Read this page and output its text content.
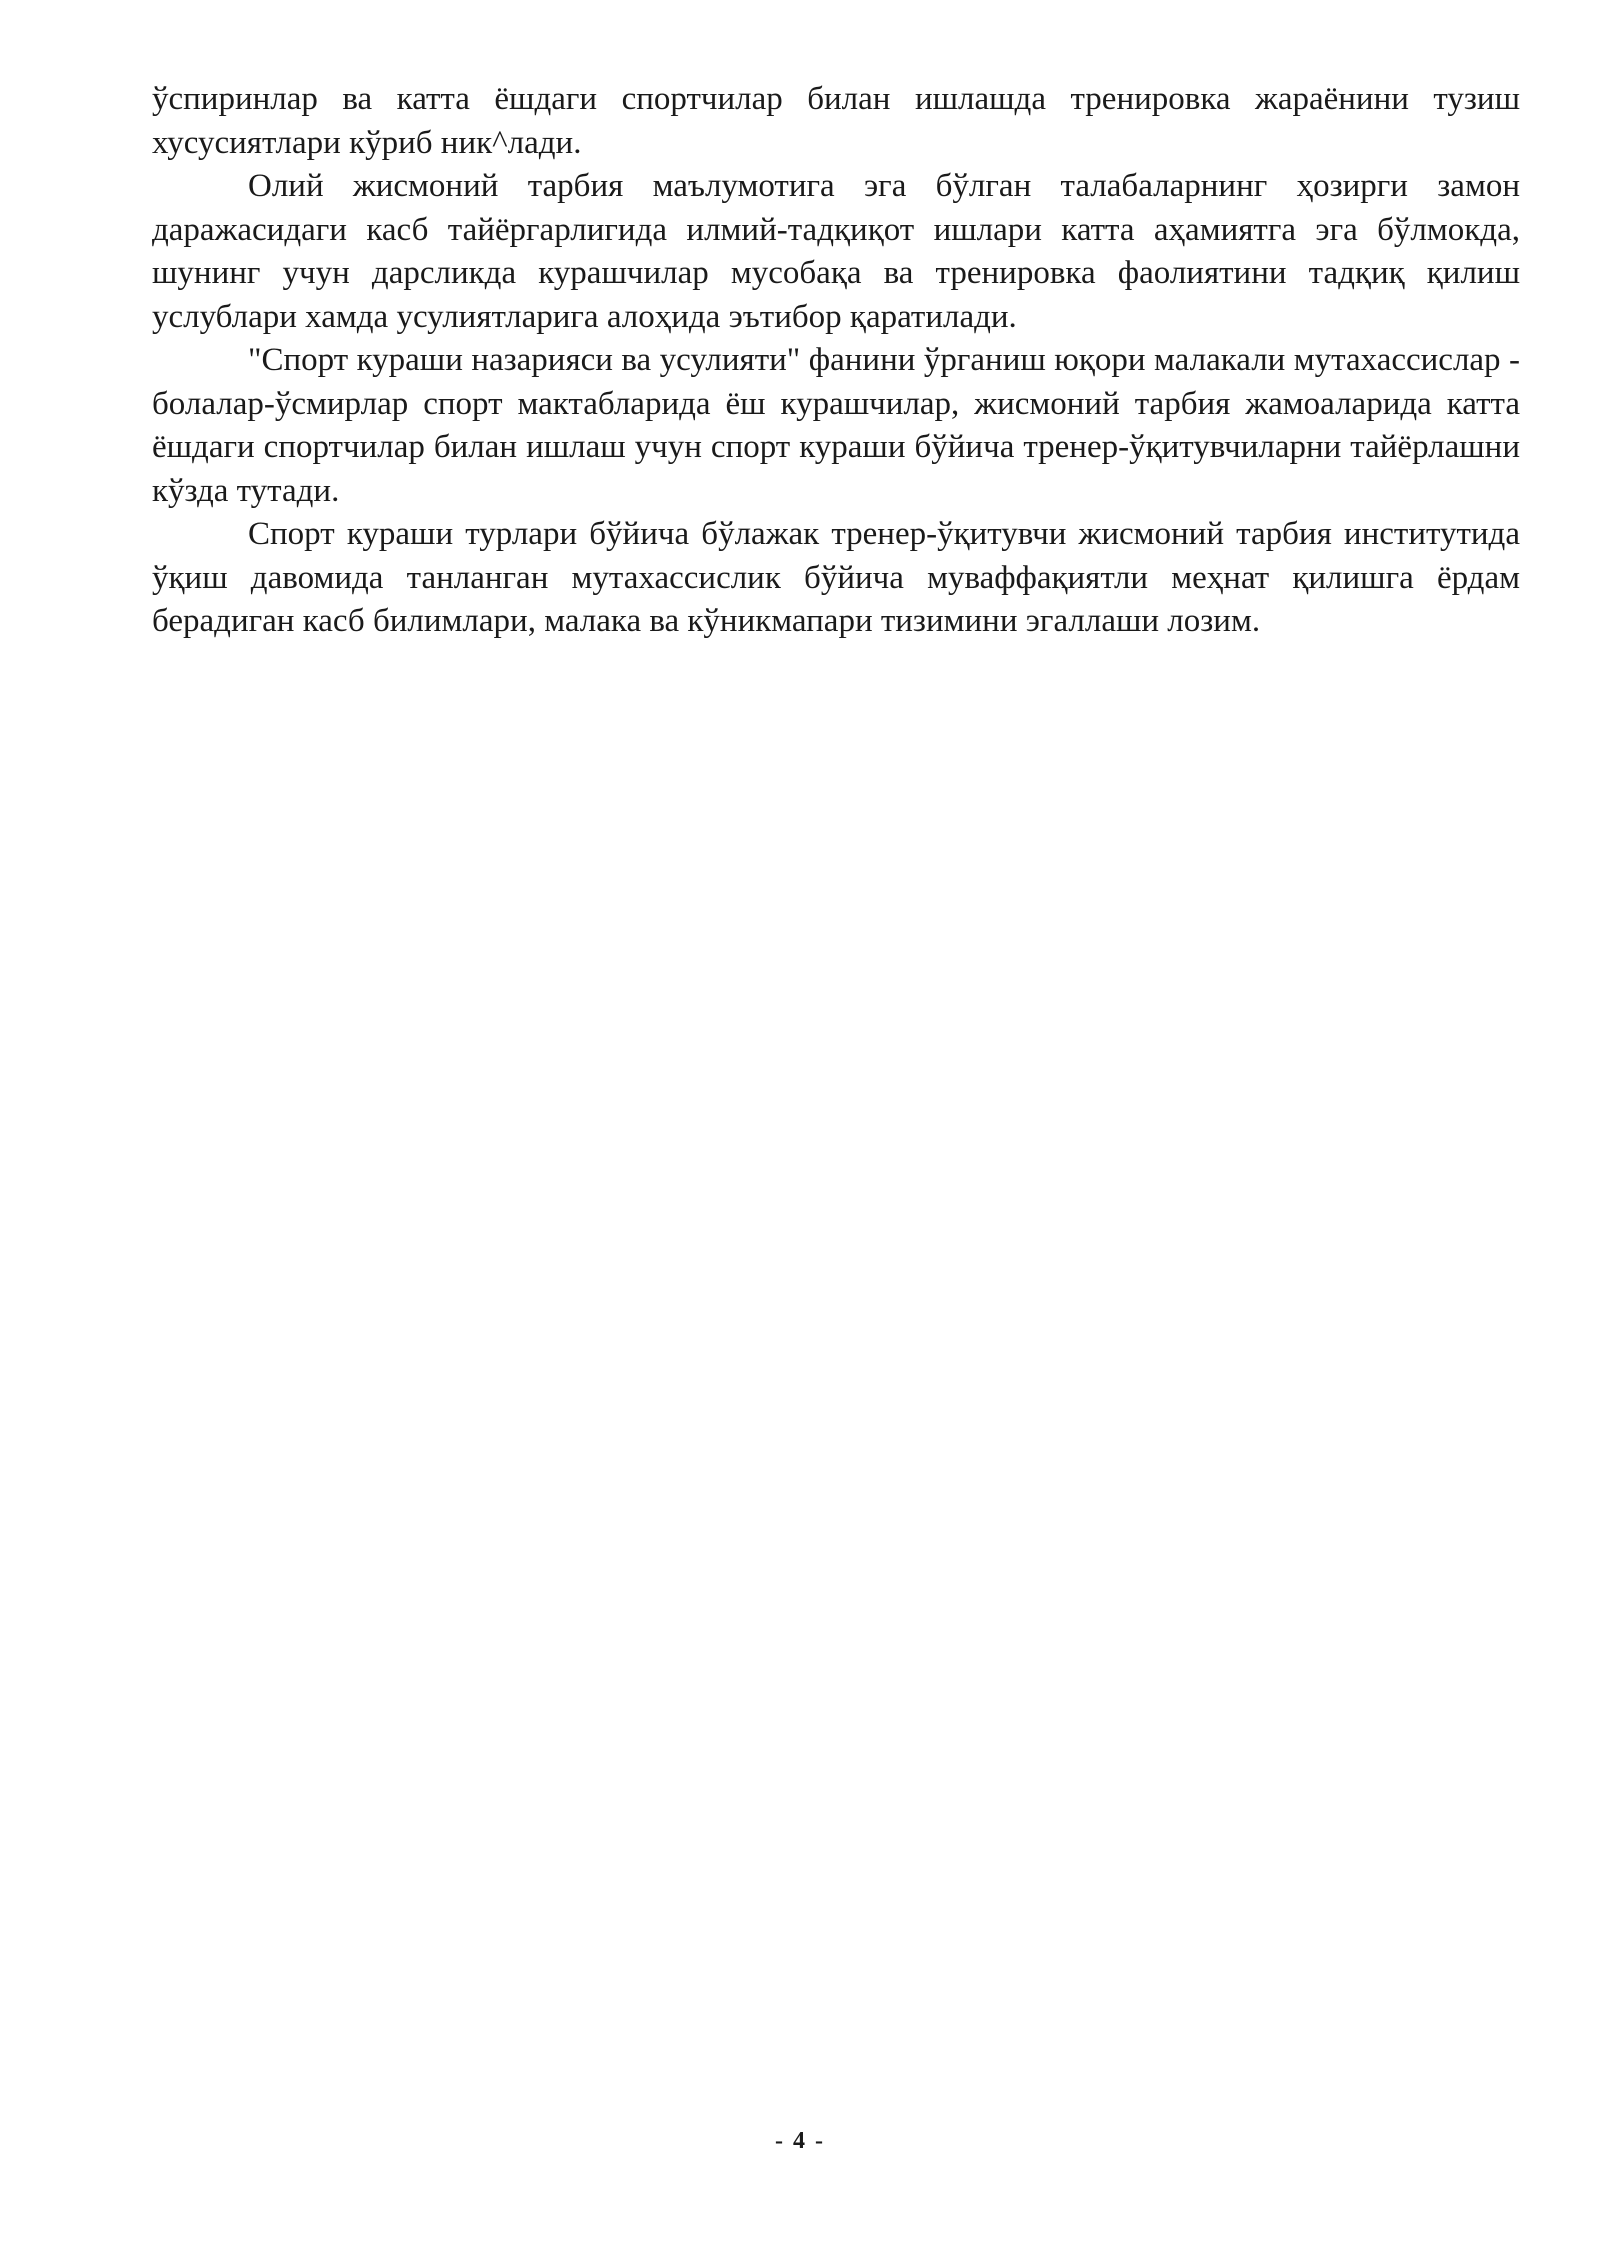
ўспиринлар ва катта ёшдаги спортчилар билан ишлашда тренировка жараёнини тузиш хусусиятлари кўриб ник^лади.

Олий жисмоний тарбия маълумотига эга бўлган талабаларнинг ҳозирги замон даражасидаги касб тайёргарлигида илмий-тадқиқот ишлари катта аҳамиятга эга бўлмокда, шунинг учун дарсликда курашчилар мусобақа ва тренировка фаолиятини тадқиқ қилиш услублари хамда усулиятларига алоҳида эътибор қаратилади.

"Спорт кураши назарияси ва усулияти" фанини ўрганиш юқори малакали мутахассислар - болалар-ўсмирлар спорт мактабларида ёш курашчилар, жисмоний тарбия жамоаларида катта ёшдаги спортчилар билан ишлаш учун спорт кураши бўйича тренер-ўқитувчиларни тайёрлашни кўзда тутади.

Спорт кураши турлари бўйича бўлажак тренер-ўқитувчи жисмоний тарбия институтида ўқиш давомида танланган мутахассислик бўйича муваффақиятли меҳнат қилишга ёрдам берадиган касб билимлари, малака ва кўникмапари тизимини эгаллаши лозим.

- 4 -
